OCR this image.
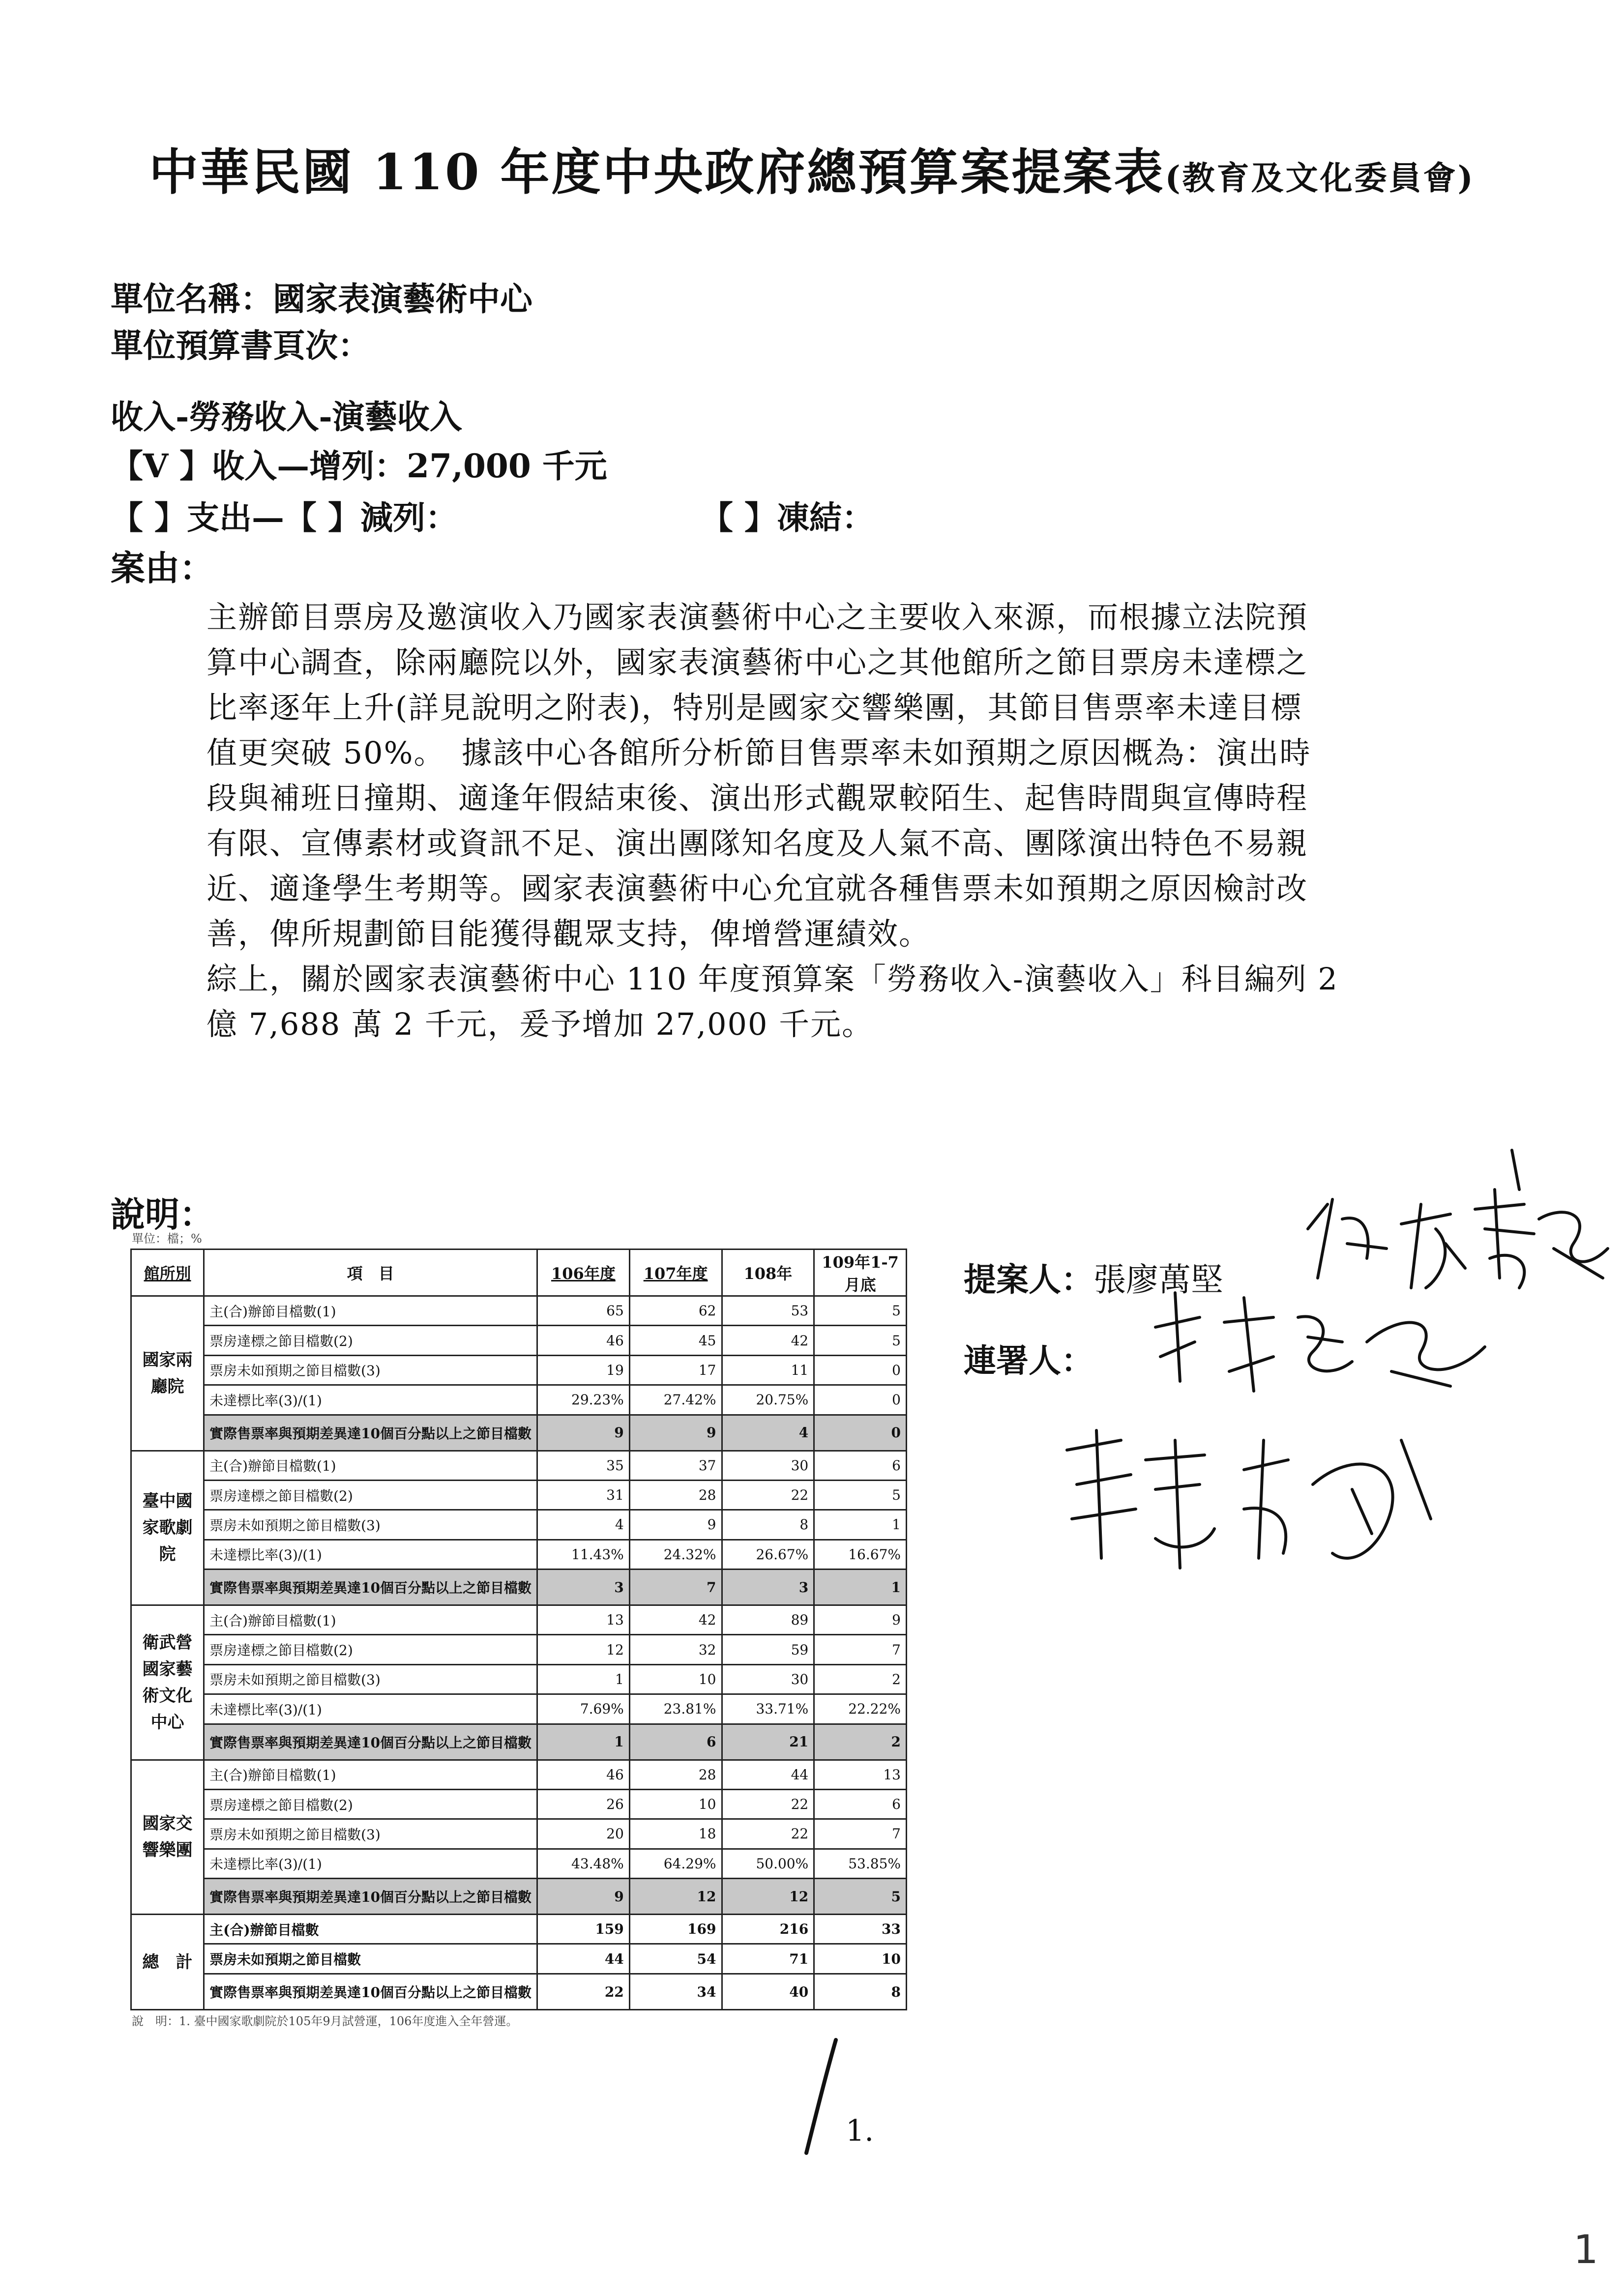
中華民國 110 年度中央政府總預算案提案表(教育及文化委員會)
單位名稱：國家表演藝術中心
單位預算書頁次：
收入-勞務收入-演藝收入
【V 】收入—增列：27,000 千元
【 】支出—【 】減列：	【 】凍結：
案由：
主辦節目票房及邀演收入乃國家表演藝術中心之主要收入來源，而根據立法院預
算中心調查，除兩廳院以外，國家表演藝術中心之其他館所之節目票房未達標之
比率逐年上升(詳見說明之附表)，特別是國家交響樂團，其節目售票率未達目標
值更突破 50%。　據該中心各館所分析節目售票率未如預期之原因概為：演出時
段與補班日撞期、適逢年假結束後、演出形式觀眾較陌生、起售時間與宣傳時程
有限、宣傳素材或資訊不足、演出團隊知名度及人氣不高、團隊演出特色不易親
近、適逢學生考期等。國家表演藝術中心允宜就各種售票未如預期之原因檢討改
善，俾所規劃節目能獲得觀眾支持，俾增營運績效。
綜上，關於國家表演藝術中心 110 年度預算案「勞務收入-演藝收入」科目編列 2
億 7,688 萬 2 千元，爰予增加 27,000 千元。
說明：
單位：檔；%
館所別	項　目	106年度	107年度	108年	109年1-7月底
國家兩廳院	主(合)辦節目檔數(1)	65	62	53	5
	票房達標之節目檔數(2)	46	45	42	5
	票房未如預期之節目檔數(3)	19	17	11	0
	未達標比率(3)/(1)	29.23%	27.42%	20.75%	0
	實際售票率與預期差異達10個百分點以上之節目檔數	9	9	4	0
臺中國家歌劇院	主(合)辦節目檔數(1)	35	37	30	6
	票房達標之節目檔數(2)	31	28	22	5
	票房未如預期之節目檔數(3)	4	9	8	1
	未達標比率(3)/(1)	11.43%	24.32%	26.67%	16.67%
	實際售票率與預期差異達10個百分點以上之節目檔數	3	7	3	1
衛武營國家藝術文化中心	主(合)辦節目檔數(1)	13	42	89	9
	票房達標之節目檔數(2)	12	32	59	7
	票房未如預期之節目檔數(3)	1	10	30	2
	未達標比率(3)/(1)	7.69%	23.81%	33.71%	22.22%
	實際售票率與預期差異達10個百分點以上之節目檔數	1	6	21	2
國家交響樂團	主(合)辦節目檔數(1)	46	28	44	13
	票房達標之節目檔數(2)	26	10	22	6
	票房未如預期之節目檔數(3)	20	18	22	7
	未達標比率(3)/(1)	43.48%	64.29%	50.00%	53.85%
	實際售票率與預期差異達10個百分點以上之節目檔數	9	12	12	5
總　計	主(合)辦節目檔數	159	169	216	33
	票房未如預期之節目檔數	44	54	71	10
	實際售票率與預期差異達10個百分點以上之節目檔數	22	34	40	8
說　明：1. 臺中國家歌劇院於105年9月試營運，106年度進入全年營運。
提案人：張廖萬堅
連署人：
1.
1
